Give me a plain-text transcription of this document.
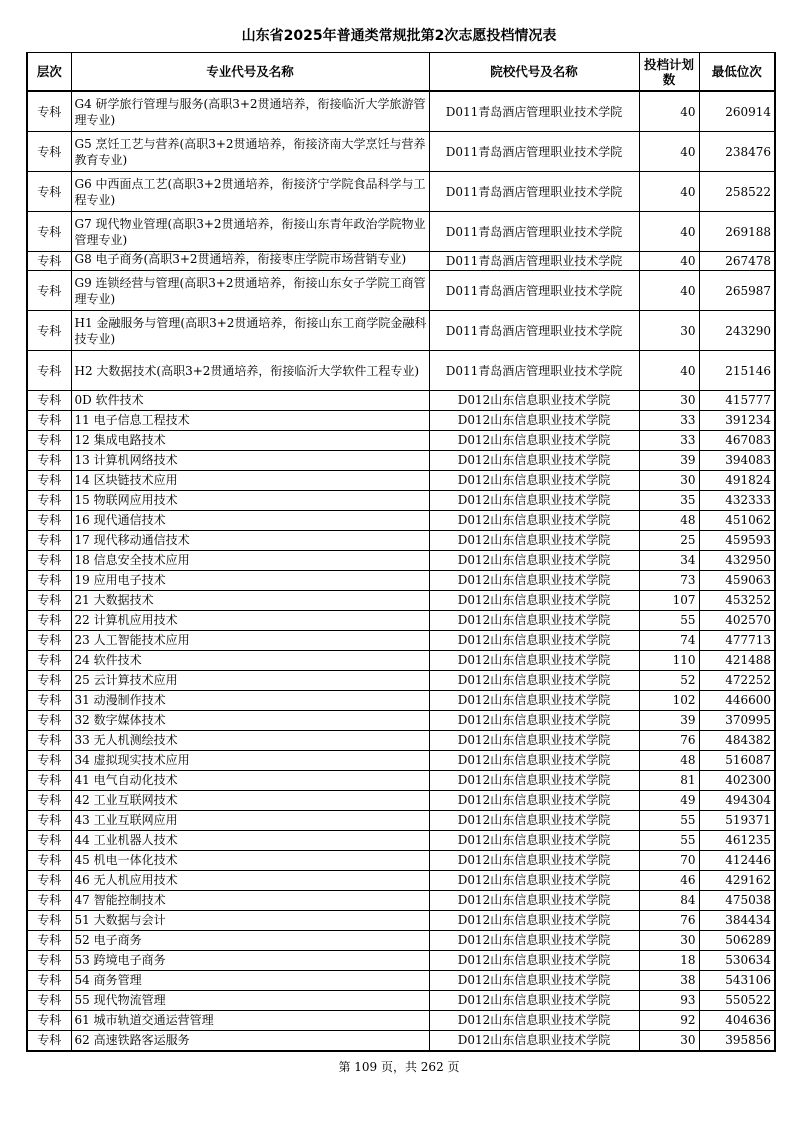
山东省2025年普通类常规批第2次志愿投档情况表
层次	专业代号及名称	院校代号及名称	投档计划数	最低位次
专科	G4 研学旅行管理与服务(高职3+2贯通培养，衔接临沂大学旅游管理专业)	D011青岛酒店管理职业技术学院	40	260914
专科	G5 烹饪工艺与营养(高职3+2贯通培养，衔接济南大学烹饪与营养教育专业)	D011青岛酒店管理职业技术学院	40	238476
专科	G6 中西面点工艺(高职3+2贯通培养，衔接济宁学院食品科学与工程专业)	D011青岛酒店管理职业技术学院	40	258522
专科	G7 现代物业管理(高职3+2贯通培养，衔接山东青年政治学院物业管理专业)	D011青岛酒店管理职业技术学院	40	269188
专科	G8 电子商务(高职3+2贯通培养，衔接枣庄学院市场营销专业)	D011青岛酒店管理职业技术学院	40	267478
专科	G9 连锁经营与管理(高职3+2贯通培养，衔接山东女子学院工商管理专业)	D011青岛酒店管理职业技术学院	40	265987
专科	H1 金融服务与管理(高职3+2贯通培养，衔接山东工商学院金融科技专业)	D011青岛酒店管理职业技术学院	30	243290
专科	H2 大数据技术(高职3+2贯通培养，衔接临沂大学软件工程专业)	D011青岛酒店管理职业技术学院	40	215146
专科	0D 软件技术	D012山东信息职业技术学院	30	415777
专科	11 电子信息工程技术	D012山东信息职业技术学院	33	391234
专科	12 集成电路技术	D012山东信息职业技术学院	33	467083
专科	13 计算机网络技术	D012山东信息职业技术学院	39	394083
专科	14 区块链技术应用	D012山东信息职业技术学院	30	491824
专科	15 物联网应用技术	D012山东信息职业技术学院	35	432333
专科	16 现代通信技术	D012山东信息职业技术学院	48	451062
专科	17 现代移动通信技术	D012山东信息职业技术学院	25	459593
专科	18 信息安全技术应用	D012山东信息职业技术学院	34	432950
专科	19 应用电子技术	D012山东信息职业技术学院	73	459063
专科	21 大数据技术	D012山东信息职业技术学院	107	453252
专科	22 计算机应用技术	D012山东信息职业技术学院	55	402570
专科	23 人工智能技术应用	D012山东信息职业技术学院	74	477713
专科	24 软件技术	D012山东信息职业技术学院	110	421488
专科	25 云计算技术应用	D012山东信息职业技术学院	52	472252
专科	31 动漫制作技术	D012山东信息职业技术学院	102	446600
专科	32 数字媒体技术	D012山东信息职业技术学院	39	370995
专科	33 无人机测绘技术	D012山东信息职业技术学院	76	484382
专科	34 虚拟现实技术应用	D012山东信息职业技术学院	48	516087
专科	41 电气自动化技术	D012山东信息职业技术学院	81	402300
专科	42 工业互联网技术	D012山东信息职业技术学院	49	494304
专科	43 工业互联网应用	D012山东信息职业技术学院	55	519371
专科	44 工业机器人技术	D012山东信息职业技术学院	55	461235
专科	45 机电一体化技术	D012山东信息职业技术学院	70	412446
专科	46 无人机应用技术	D012山东信息职业技术学院	46	429162
专科	47 智能控制技术	D012山东信息职业技术学院	84	475038
专科	51 大数据与会计	D012山东信息职业技术学院	76	384434
专科	52 电子商务	D012山东信息职业技术学院	30	506289
专科	53 跨境电子商务	D012山东信息职业技术学院	18	530634
专科	54 商务管理	D012山东信息职业技术学院	38	543106
专科	55 现代物流管理	D012山东信息职业技术学院	93	550522
专科	61 城市轨道交通运营管理	D012山东信息职业技术学院	92	404636
专科	62 高速铁路客运服务	D012山东信息职业技术学院	30	395856
第 109 页，共 262 页
